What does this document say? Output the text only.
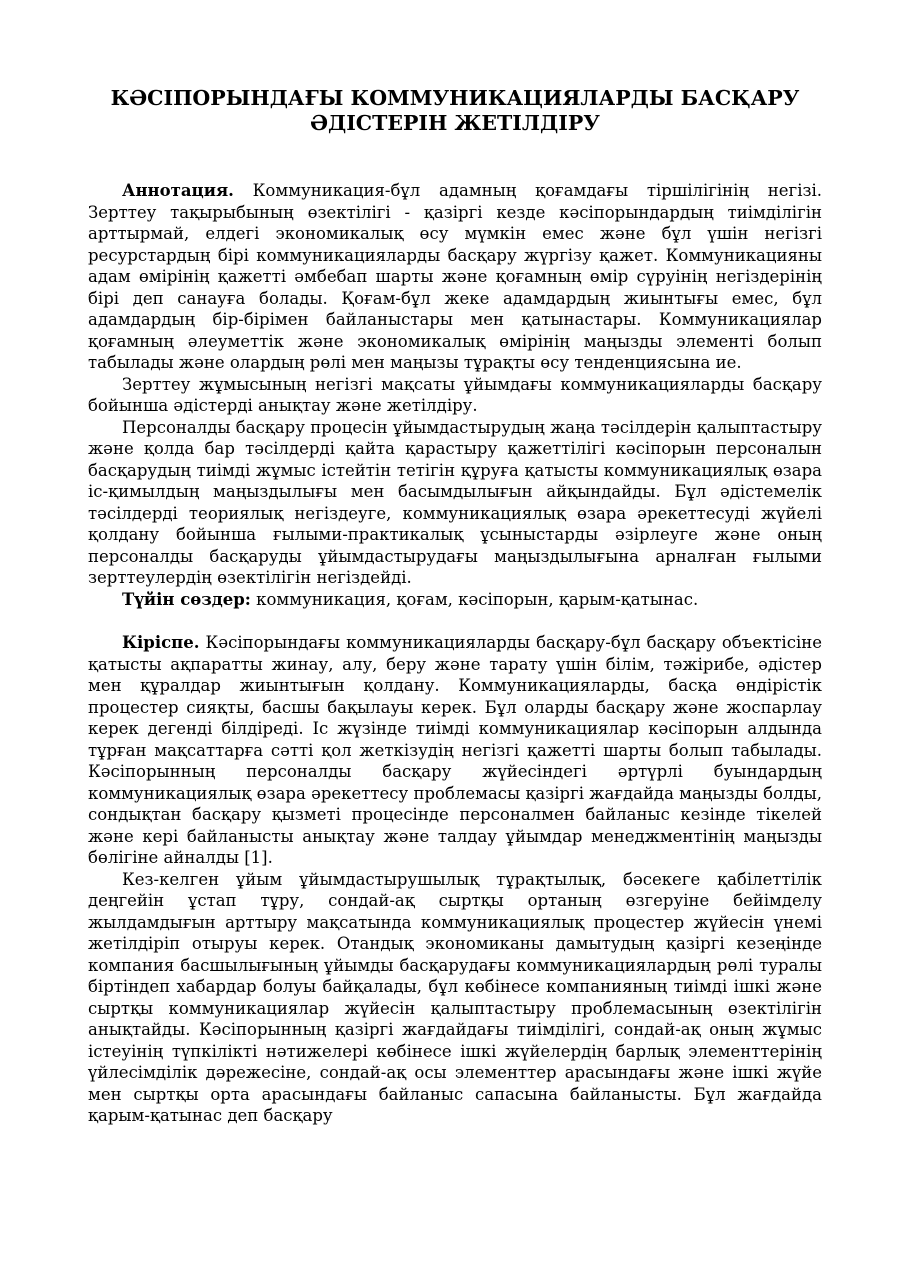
КӘСІПОРЫНДАҒЫ КОММУНИКАЦИЯЛАРДЫ БАСҚАРУ
ӘДІСТЕРІН ЖЕТІЛДІРУ

Аннотация. Коммуникация-бұл адамның қоғамдағы тіршілігінің негізі. Зерттеу тақырыбының өзектілігі - қазіргі кезде кәсіпорындардың тиімділігін арттырмай, елдегі экономикалық өсу мүмкін емес және бұл үшін негізгі ресурстардың бірі коммуникацияларды басқару жүргізу қажет. Коммуникацияны адам өмірінің қажетті әмбебап шарты және қоғамның өмір сүруінің негіздерінің бірі деп санауға болады. Қоғам-бұл жеке адамдардың жиынтығы емес, бұл адамдардың бір-бірімен байланыстары мен қатынастары. Коммуникациялар қоғамның әлеуметтік және экономикалық өмірінің маңызды элементі болып табылады және олардың рөлі мен маңызы тұрақты өсу тенденциясына ие.

Зерттеу жұмысының негізгі мақсаты ұйымдағы коммуникацияларды басқару бойынша әдістерді анықтау және жетілдіру.

Персоналды басқару процесін ұйымдастырудың жаңа тәсілдерін қалыптастыру және қолда бар тәсілдерді қайта қарастыру қажеттілігі кәсіпорын персоналын басқарудың тиімді жұмыс істейтін тетігін құруға қатысты коммуникациялық өзара іс-қимылдың маңыздылығы мен басымдылығын айқындайды. Бұл әдістемелік тәсілдерді теориялық негіздеуге, коммуникациялық өзара әрекеттесуді жүйелі қолдану бойынша ғылыми-практикалық ұсыныстарды әзірлеуге және оның персоналды басқаруды ұйымдастырудағы маңыздылығына арналған ғылыми зерттеулердің өзектілігін негіздейді.

Түйін сөздер: коммуникация, қоғам, кәсіпорын, қарым-қатынас.

Кіріспе. Кәсіпорындағы коммуникацияларды басқару-бұл басқару объектісіне қатысты ақпаратты жинау, алу, беру және тарату үшін білім, тәжірибе, әдістер мен құралдар жиынтығын қолдану. Коммуникацияларды, басқа өндірістік процестер сияқты, басшы бақылауы керек. Бұл оларды басқару және жоспарлау керек дегенді білдіреді. Іс жүзінде тиімді коммуникациялар кәсіпорын алдында тұрған мақсаттарға сәтті қол жеткізудің негізгі қажетті шарты болып табылады. Кәсіпорынның персоналды басқару жүйесіндегі әртүрлі буындардың коммуникациялық өзара әрекеттесу проблемасы қазіргі жағдайда маңызды болды, сондықтан басқару қызметі процесінде персоналмен байланыс кезінде тікелей және кері байланысты анықтау және талдау ұйымдар менеджментінің маңызды бөлігіне айналды [1].

Кез-келген ұйым ұйымдастырушылық тұрақтылық, бәсекеге қабілеттілік деңгейін ұстап тұру, сондай-ақ сыртқы ортаның өзгеруіне бейімделу жылдамдығын арттыру мақсатында коммуникациялық процестер жүйесін үнемі жетілдіріп отыруы керек. Отандық экономиканы дамытудың қазіргі кезеңінде компания басшылығының ұйымды басқарудағы коммуникациялардың рөлі туралы біртіндеп хабардар болуы байқалады, бұл көбінесе компанияның тиімді ішкі және сыртқы коммуникациялар жүйесін қалыптастыру проблемасының өзектілігін анықтайды. Кәсіпорынның қазіргі жағдайдағы тиімділігі, сондай-ақ оның жұмыс істеуінің түпкілікті нәтижелері көбінесе ішкі жүйелердің барлық элементтерінің үйлесімділік дәрежесіне, сондай-ақ осы элементтер арасындағы және ішкі жүйе мен сыртқы орта арасындағы байланыс сапасына байланысты. Бұл жағдайда қарым-қатынас деп басқару
